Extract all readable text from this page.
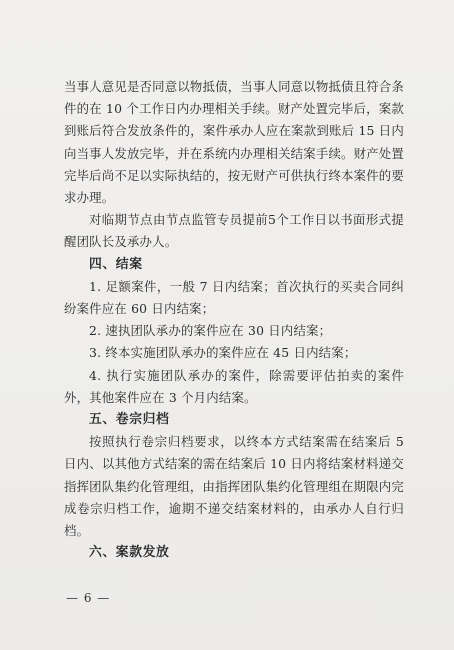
当事人意见是否同意以物抵债，当事人同意以物抵债且符合条件的在 10 个工作日内办理相关手续。财产处置完毕后，案款到账后符合发放条件的，案件承办人应在案款到账后 15 日内向当事人发放完毕，并在系统内办理相关结案手续。财产处置完毕后尚不足以实际执结的，按无财产可供执行终本案件的要求办理。

对临期节点由节点监管专员提前5个工作日以书面形式提醒团队长及承办人。

四、结案

1. 足额案件，一般 7 日内结案；首次执行的买卖合同纠纷案件应在 60 日内结案；

2. 速执团队承办的案件应在 30 日内结案；

3. 终本实施团队承办的案件应在 45 日内结案；

4. 执行实施团队承办的案件，除需要评估拍卖的案件外，其他案件应在 3 个月内结案。

五、卷宗归档

按照执行卷宗归档要求，以终本方式结案需在结案后 5 日内、以其他方式结案的需在结案后 10 日内将结案材料递交指挥团队集约化管理组，由指挥团队集约化管理组在期限内完成卷宗归档工作，逾期不递交结案材料的，由承办人自行归档。

六、案款发放

— 6 —
